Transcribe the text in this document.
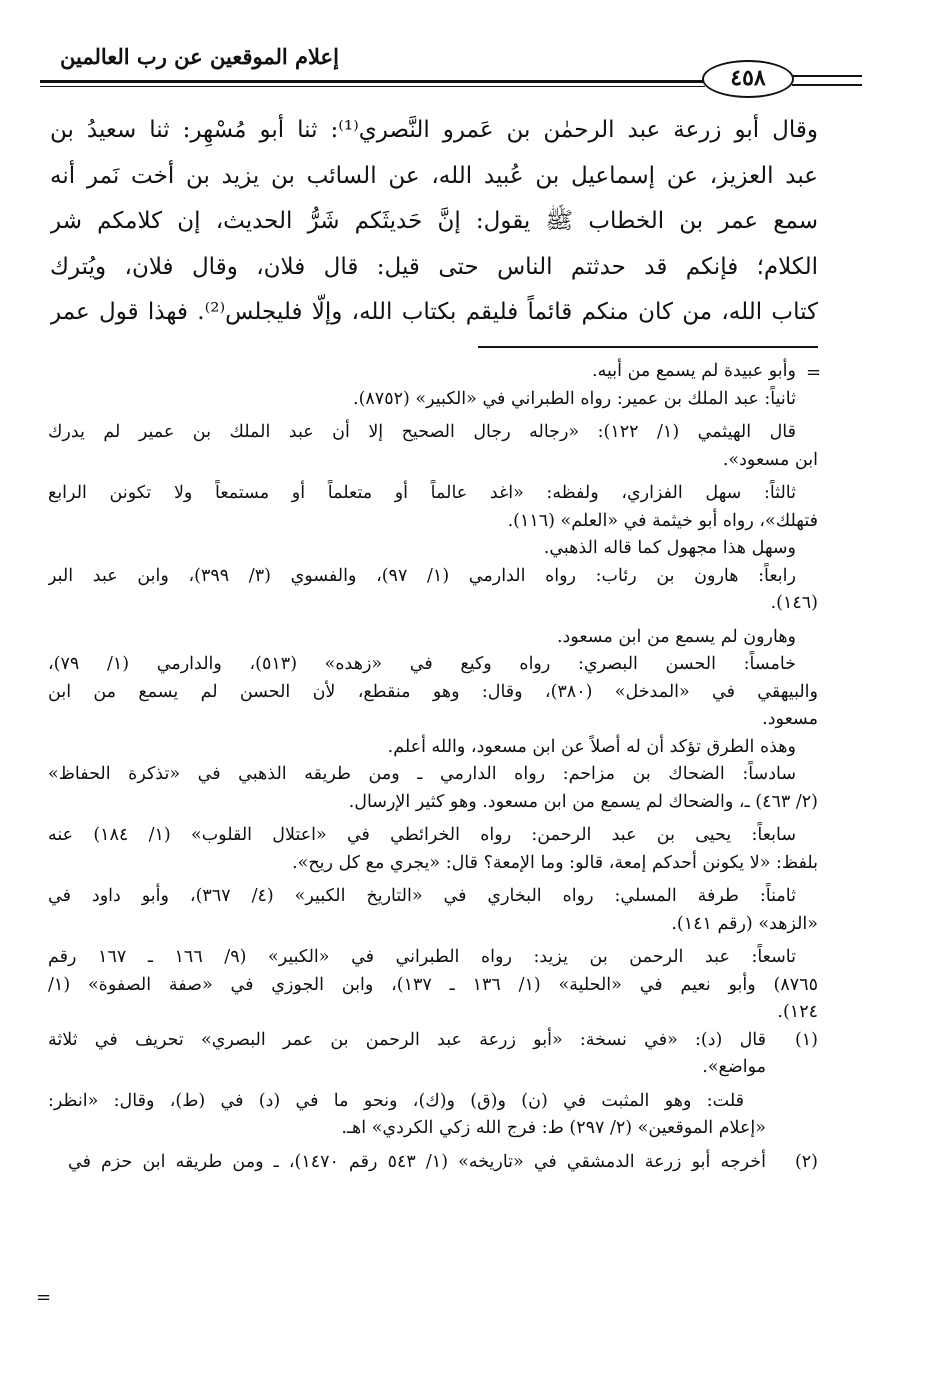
إعلام الموقعين عن رب العالمين
٤٥٨
وقال أبو زرعة عبد الرحمٰن بن عَمرو النَّصري⁽¹⁾: ثنا أبو مُسْهِر: ثنا سعيدُ بن
عبد العزيز، عن إسماعيل بن عُبيد الله، عن السائب بن يزيد بن أخت نَمر أنه
سمع عمر بن الخطاب ﷺ يقول: إنَّ حَديثَكم شَرُّ الحديث، إن كلامكم شر
الكلام؛ فإنكم قد حدثتم الناس حتى قيل: قال فلان، وقال فلان، ويُترك
كتاب الله، من كان منكم قائماً فليقم بكتاب الله، وإلّا فليجلس⁽²⁾. فهذا قول عمر
=
=
وأبو عبيدة لم يسمع من أبيه.
ثانياً: عبد الملك بن عمير: رواه الطبراني في «الكبير» (٨٧٥٢).
قال الهيثمي (١/ ١٢٢): «رجاله رجال الصحيح إلا أن عبد الملك بن عمير لم يدرك
ابن مسعود».
ثالثاً: سهل الفزاري، ولفظه: «اغد عالماً أو متعلماً أو مستمعاً ولا تكونن الرابع
فتهلك»، رواه أبو خيثمة في «العلم» (١١٦).
وسهل هذا مجهول كما قاله الذهبي.
رابعاً: هارون بن رئاب: رواه الدارمي (١/ ٩٧)، والفسوي (٣/ ٣٩٩)، وابن عبد البر
(١٤٦).
وهارون لم يسمع من ابن مسعود.
خامساً: الحسن البصري: رواه وكيع في «زهده» (٥١٣)، والدارمي (١/ ٧٩)،
والبيهقي في «المدخل» (٣٨٠)، وقال: وهو منقطع، لأن الحسن لم يسمع من ابن
مسعود.
وهذه الطرق تؤكد أن له أصلاً عن ابن مسعود، والله أعلم.
سادساً: الضحاك بن مزاحم: رواه الدارمي ـ ومن طريقه الذهبي في «تذكرة الحفاظ»
(٢/ ٤٦٣) ـ، والضحاك لم يسمع من ابن مسعود. وهو كثير الإرسال.
سابعاً: يحيى بن عبد الرحمن: رواه الخرائطي في «اعتلال القلوب» (١/ ١٨٤) عنه
بلفظ: «لا يكونن أحدكم إمعة، قالو: وما الإمعة؟ قال: «يجري مع كل ريح».
ثامناً: طرفة المسلي: رواه البخاري في «التاريخ الكبير» (٤/ ٣٦٧)، وأبو داود في
«الزهد» (رقم ١٤١).
تاسعاً: عبد الرحمن بن يزيد: رواه الطبراني في «الكبير» (٩/ ١٦٦ ـ ١٦٧ رقم
٨٧٦٥) وأبو نعيم في «الحلية» (١/ ١٣٦ ـ ١٣٧)، وابن الجوزي في «صفة الصفوة» (١/
١٢٤).
(١)
قال (د): «في نسخة: «أبو زرعة عبد الرحمن بن عمر البصري» تحريف في ثلاثة
مواضع».
قلت: وهو المثبت في (ن) و(ق) و(ك)، ونحو ما في (د) في (ط)، وقال: «انظر:
«إعلام الموقعين» (٢/ ٢٩٧) ط: فرج الله زكي الكردي» اهـ.
(٢)
أخرجه أبو زرعة الدمشقي في «تاريخه» (١/ ٥٤٣ رقم ١٤٧٠)، ـ ومن طريقه ابن حزم في
